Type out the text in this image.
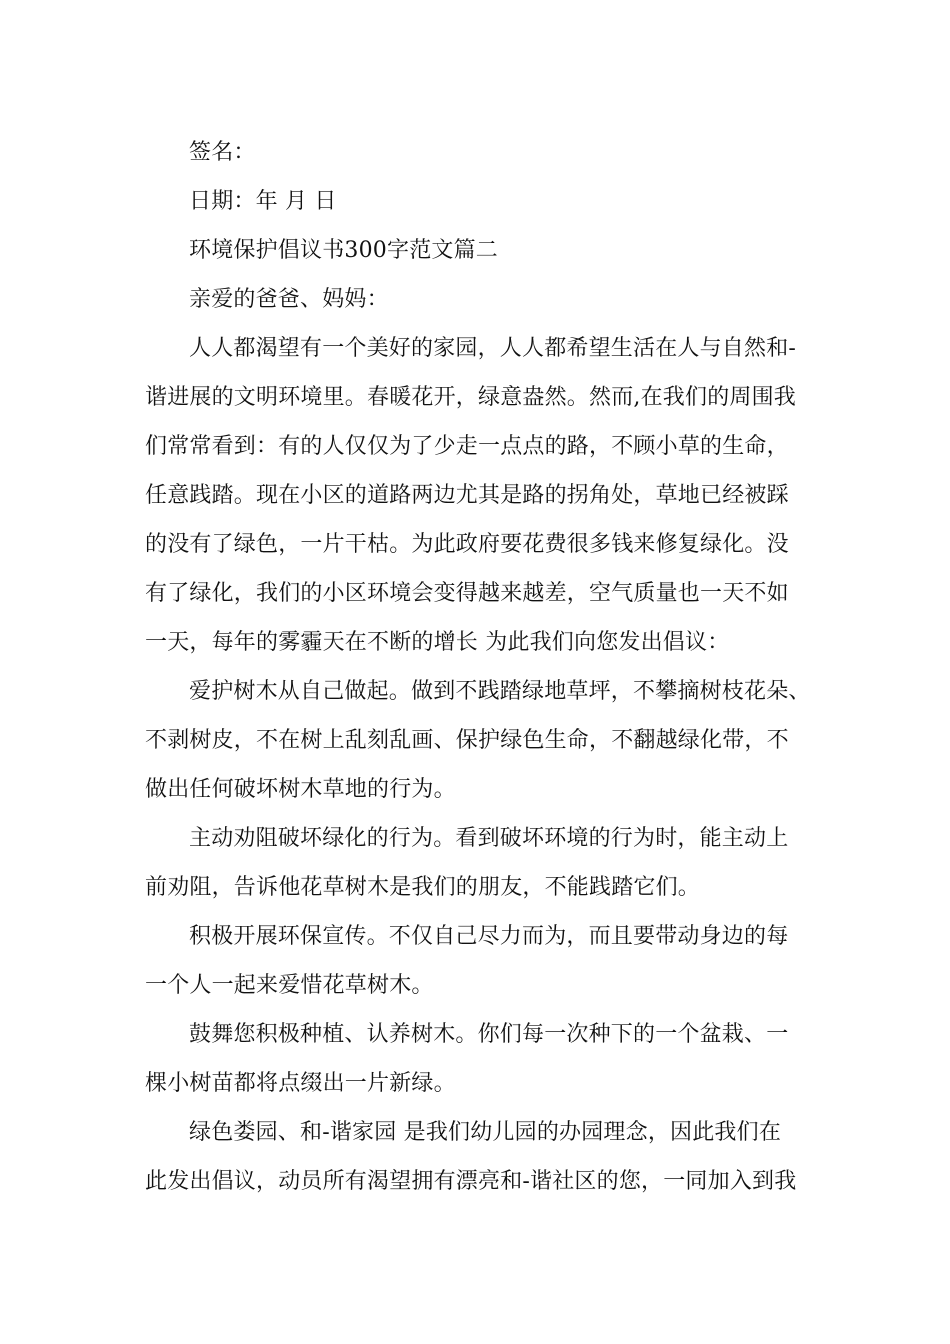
签名：
日期：年 月 日
环境保护倡议书300字范文篇二
亲爱的爸爸、妈妈：
人人都渴望有一个美好的家园，人人都希望生活在人与自然和-
谐进展的文明环境里。春暖花开，绿意盎然。然而,在我们的周围我
们常常看到：有的人仅仅为了少走一点点的路，不顾小草的生命，
任意践踏。现在小区的道路两边尤其是路的拐角处，草地已经被踩
的没有了绿色，一片干枯。为此政府要花费很多钱来修复绿化。没
有了绿化，我们的小区环境会变得越来越差，空气质量也一天不如
一天，每年的雾霾天在不断的增长 为此我们向您发出倡议：
爱护树木从自己做起。做到不践踏绿地草坪，不攀摘树枝花朵、
不剥树皮，不在树上乱刻乱画、保护绿色生命，不翻越绿化带，不
做出任何破坏树木草地的行为。
主动劝阻破坏绿化的行为。看到破坏环境的行为时，能主动上
前劝阻，告诉他花草树木是我们的朋友，不能践踏它们。
积极开展环保宣传。不仅自己尽力而为，而且要带动身边的每
一个人一起来爱惜花草树木。
鼓舞您积极种植、认养树木。你们每一次种下的一个盆栽、一
棵小树苗都将点缀出一片新绿。
绿色娄园、和-谐家园 是我们幼儿园的办园理念，因此我们在
此发出倡议，动员所有渴望拥有漂亮和-谐社区的您，一同加入到我
